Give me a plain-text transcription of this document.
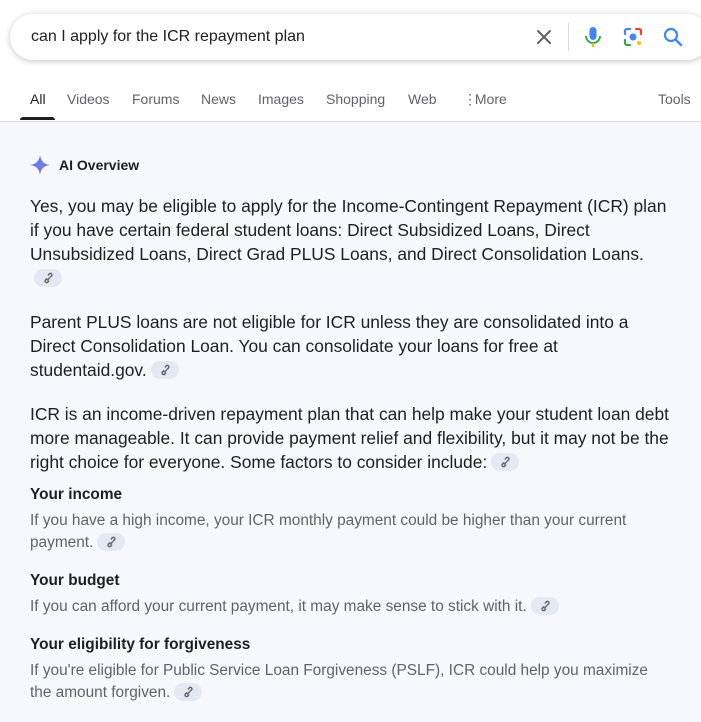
can I apply for the ICR repayment plan
All Videos Forums News Images Shopping Web ⋮ More	Tools
AI Overview

Yes, you may be eligible to apply for the Income-Contingent Repayment (ICR) plan if you have certain federal student loans: Direct Subsidized Loans, Direct Unsubsidized Loans, Direct Grad PLUS Loans, and Direct Consolidation Loans.

Parent PLUS loans are not eligible for ICR unless they are consolidated into a Direct Consolidation Loan. You can consolidate your loans for free at studentaid.gov.

ICR is an income-driven repayment plan that can help make your student loan debt more manageable. It can provide payment relief and flexibility, but it may not be the right choice for everyone. Some factors to consider include:

Your income

If you have a high income, your ICR monthly payment could be higher than your current payment.

Your budget

If you can afford your current payment, it may make sense to stick with it.

Your eligibility for forgiveness

If you're eligible for Public Service Loan Forgiveness (PSLF), ICR could help you maximize the amount forgiven.
